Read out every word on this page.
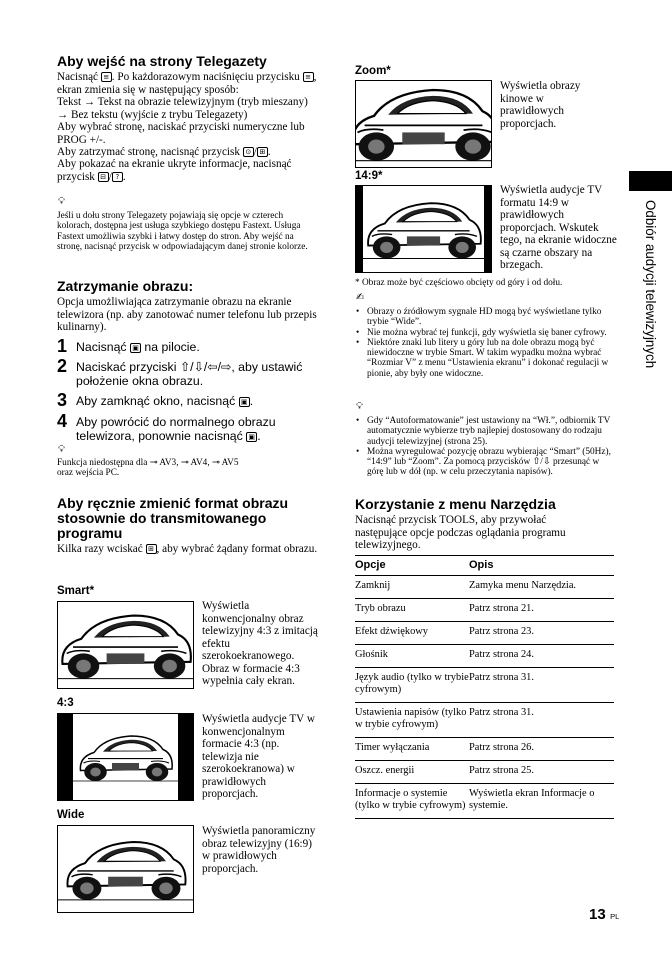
Aby wejść na strony Telegazety
Nacisnąć ≡ . Po każdorazowym naciśnięciu przycisku ≡ , ekran zmienia się w następujący sposób:
Tekst → Tekst na obrazie telewizyjnym (tryb mieszany) → Bez tekstu (wyjście z trybu Telegazety)
Aby wybrać stronę, naciskać przyciski numeryczne lub PROG +/-.
Aby zatrzymać stronę, nacisnąć przycisk ⊙ / ⊞ .
Aby pokazać na ekranie ukryte informacje, nacisnąć przycisk ⊟ / ? .
💡︎
Jeśli u dołu strony Telegazety pojawiają się opcje w czterech kolorach, dostępna jest usługa szybkiego dostępu Fastext. Usługa Fastext umożliwia szybki i łatwy dostęp do stron. Aby wejść na stronę, nacisnąć przycisk w odpowiadającym danej stronie kolorze.
Zatrzymanie obrazu:
Opcja umożliwiająca zatrzymanie obrazu na ekranie telewizora (np. aby zanotować numer telefonu lub przepis kulinarny).
1 Nacisnąć ▣ na pilocie.
2 Naciskać przyciski ⇧/⇩/⇦/⇨, aby ustawić położenie okna obrazu.
3 Aby zamknąć okno, nacisnąć ▣ .
4 Aby powrócić do normalnego obrazu telewizora, ponownie nacisnąć ▣ .
💡︎
Funkcja niedostępna dla ⊸ AV3, ⊸ AV4, ⊸ AV5
oraz wejścia PC.
Aby ręcznie zmienić format obrazu stosownie do transmitowanego programu
Kilka razy wciskać ⊞ , aby wybrać żądany format obrazu.
Smart*
Wyświetla konwencjonalny obraz telewizyjny 4:3 z imitacją efektu szerokoekranowego. Obraz w formacie 4:3 wypełnia cały ekran.
4:3
Wyświetla audycje TV w konwencjonalnym formacie 4:3 (np. telewizja nie szerokoekranowa) w prawidłowych proporcjach.
Wide
Wyświetla panoramiczny obraz telewizyjny (16:9) w prawidłowych proporcjach.
Zoom*
Wyświetla obrazy kinowe w prawidłowych proporcjach.
14:9*
Wyświetla audycje TV formatu 14:9 w prawidłowych proporcjach. Wskutek tego, na ekranie widoczne są czarne obszary na brzegach.
* Obraz może być częściowo obcięty od góry i od dołu.
✍︎
• Obrazy o źródłowym sygnale HD mogą być wyświetlane tylko trybie “Wide”.
• Nie można wybrać tej funkcji, gdy wyświetla się baner cyfrowy.
• Niektóre znaki lub litery u góry lub na dole obrazu mogą być niewidoczne w trybie Smart. W takim wypadku można wybrać “Rozmiar V” z menu “Ustawienia ekranu” i dokonać regulacji w pionie, aby były one widoczne.
💡︎
• Gdy “Autoformatowanie” jest ustawiony na “Wł.”, odbiornik TV automatycznie wybierze tryb najlepiej dostosowany do rodzaju audycji telewizyjnej (strona 25).
• Można wyregulować pozycję obrazu wybierając “Smart” (50Hz), “14:9” lub “Zoom”. Za pomocą przycisków ⇧/⇩ przesunąć w górę lub w dół (np. w celu przeczytania napisów).
Korzystanie z menu Narzędzia
Nacisnąć przycisk TOOLS, aby przywołać następujące opcje podczas oglądania programu telewizyjnego.
Opcje	Opis
Zamknij	Zamyka menu Narzędzia.
Tryb obrazu	Patrz strona 21.
Efekt dźwiękowy	Patrz strona 23.
Głośnik	Patrz strona 24.
Język audio (tylko w trybie cyfrowym)	Patrz strona 31.
Ustawienia napisów (tylko w trybie cyfrowym)	Patrz strona 31.
Timer wyłączania	Patrz strona 26.
Oszcz. energii	Patrz strona 25.
Informacje o systemie (tylko w trybie cyfrowym)	Wyświetla ekran Informacje o systemie.
Odbiór audycji telewizyjnych
13 PL
